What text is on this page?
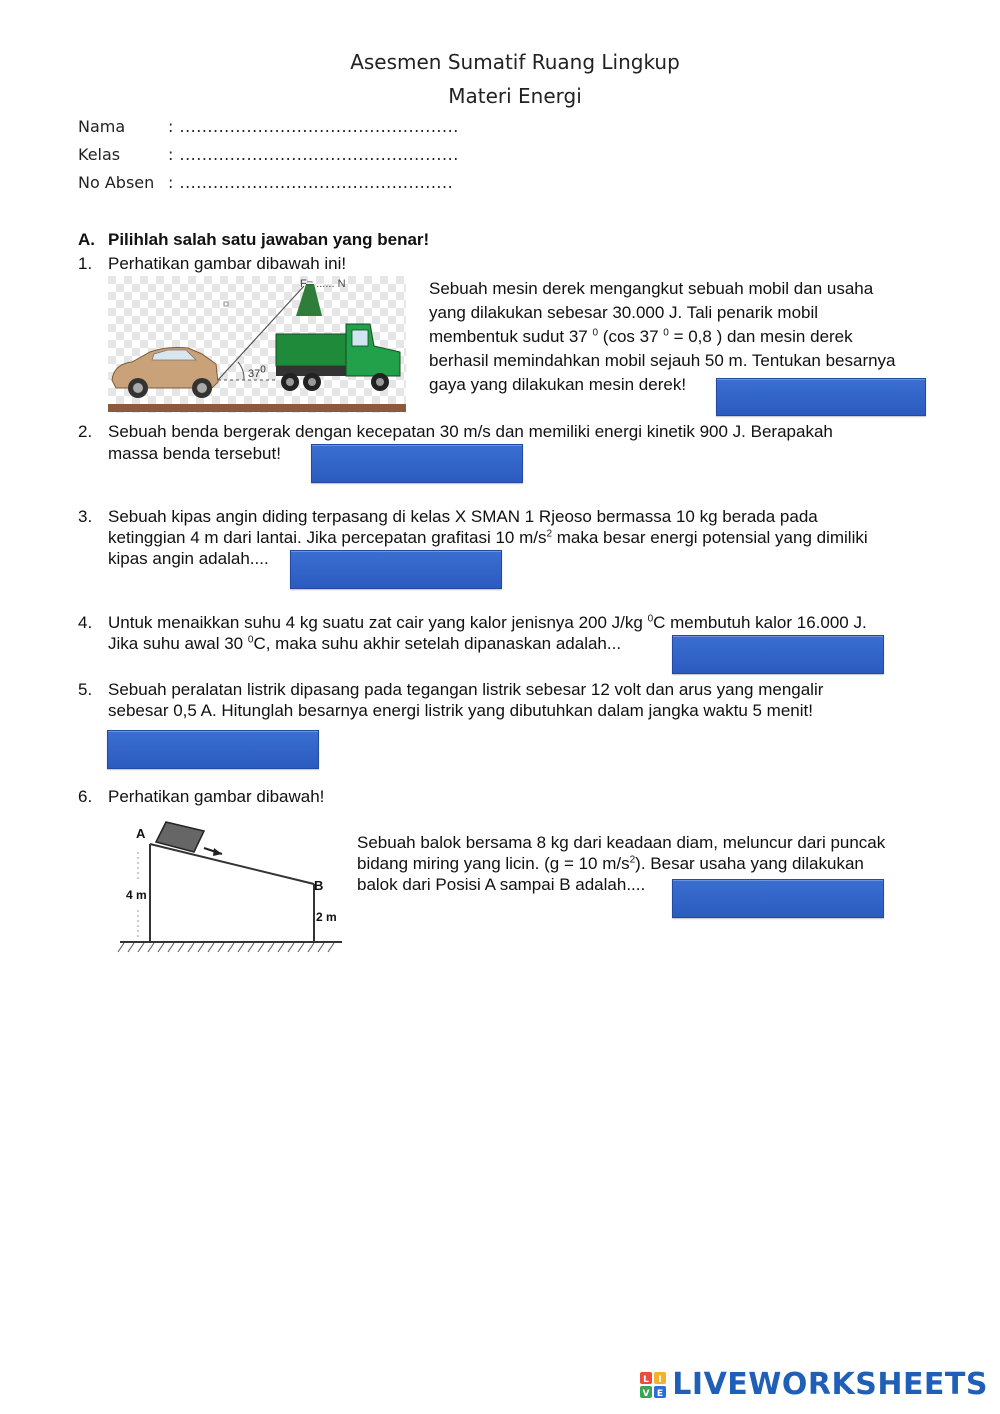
Asesmen Sumatif Ruang Lingkup
Materi Energi
Nama	: ..................................................
Kelas	: ..................................................
No Absen : .................................................
A. Pilihlah salah satu jawaban yang benar!
1. Perhatikan gambar dibawah ini!
F= ...... N
$37^0$
Sebuah mesin derek mengangkut sebuah mobil dan usaha
yang dilakukan sebesar 30.000 J. Tali penarik mobil
membentuk sudut 37 $^0$ (cos 37 $^0$ = 0,8 ) dan mesin derek
berhasil memindahkan mobil sejauh 50 m. Tentukan besarnya
gaya yang dilakukan mesin derek!
2. Sebuah benda bergerak dengan kecepatan 30 m/s dan memiliki energi kinetik 900 J. Berapakah
massa benda tersebut!
3. Sebuah kipas angin diding terpasang di kelas X SMAN 1 Rjeoso bermassa 10 kg berada pada
ketinggian 4 m dari lantai. Jika percepatan grafitasi 10 $m/s^2$ maka besar energi potensial yang dimiliki
kipas angin adalah....
4. Untuk menaikkan suhu 4 kg suatu zat cair yang kalor jenisnya 200 J/kg $^0$C membutuh kalor 16.000 J.
Jika suhu awal 30 $^0$C, maka suhu akhir setelah dipanaskan adalah...
5. Sebuah peralatan listrik dipasang pada tegangan listrik sebesar 12 volt dan arus yang mengalir
sebesar 0,5 A. Hitunglah besarnya energi listrik yang dibutuhkan dalam jangka waktu 5 menit!
6. Perhatikan gambar dibawah!
A
B
4 m
2 m
Sebuah balok bersama 8 kg dari keadaan diam, meluncur dari puncak
bidang miring yang licin. (g = 10 $m/s^2$). Besar usaha yang dilakukan
balok dari Posisi A sampai B adalah....
L I
V E LIVEWORKSHEETS
